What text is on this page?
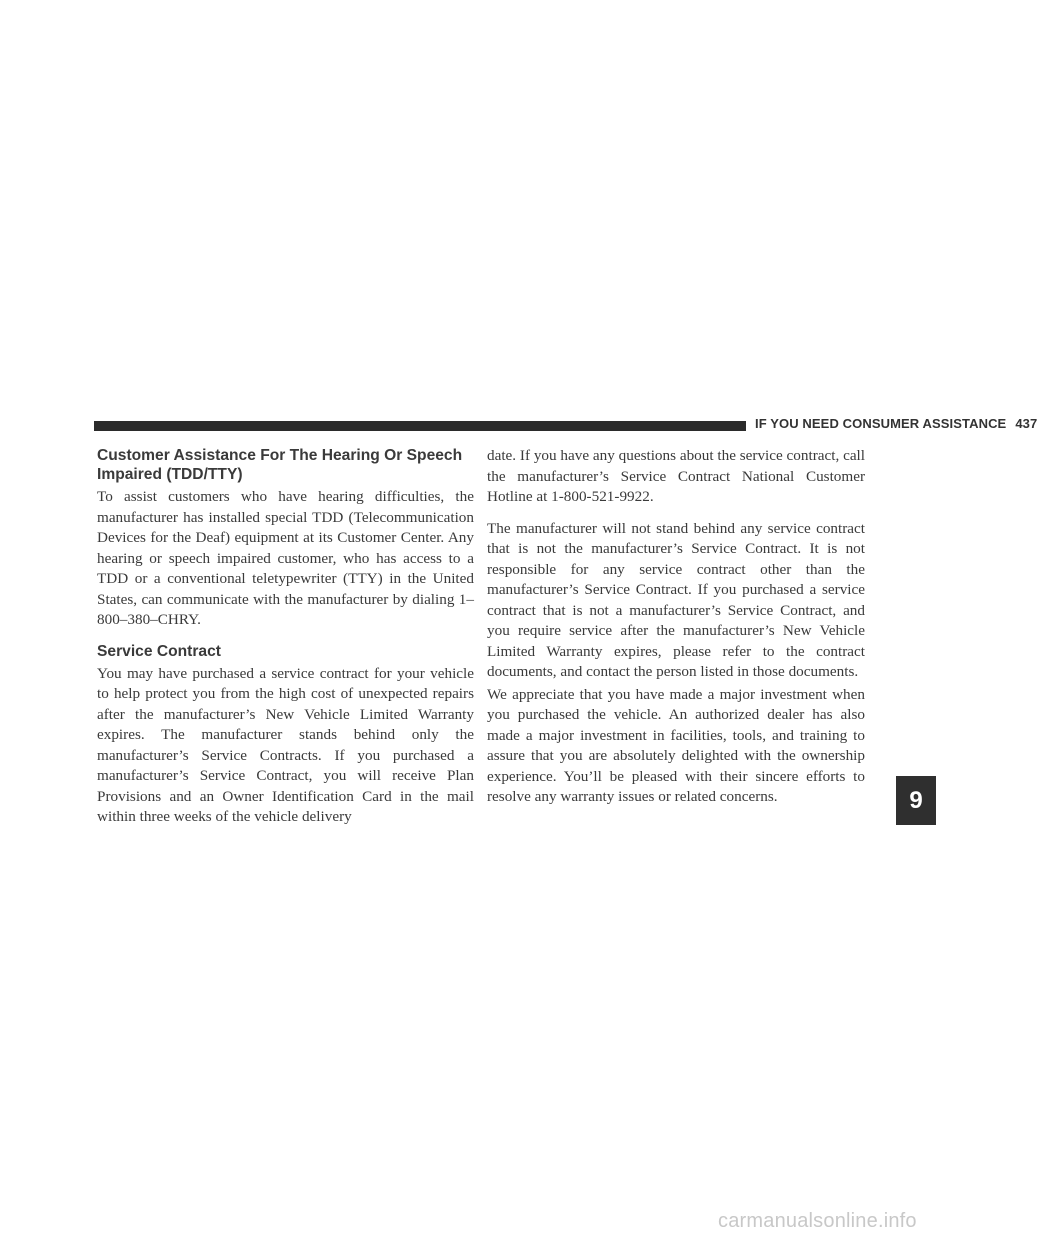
IF YOU NEED CONSUMER ASSISTANCE 437
Customer Assistance For The Hearing Or Speech Impaired (TDD/TTY)

To assist customers who have hearing difficulties, the manufacturer has installed special TDD (Telecommunication Devices for the Deaf) equipment at its Customer Center. Any hearing or speech impaired customer, who has access to a TDD or a conventional teletypewriter (TTY) in the United States, can communicate with the manufacturer by dialing 1–800–380–CHRY.

Service Contract

You may have purchased a service contract for your vehicle to help protect you from the high cost of unexpected repairs after the manufacturer’s New Vehicle Limited Warranty expires. The manufacturer stands behind only the manufacturer’s Service Contracts. If you purchased a manufacturer’s Service Contract, you will receive Plan Provisions and an Owner Identification Card in the mail within three weeks of the vehicle delivery

date. If you have any questions about the service contract, call the manufacturer’s Service Contract National Customer Hotline at 1-800-521-9922.

The manufacturer will not stand behind any service contract that is not the manufacturer’s Service Contract. It is not responsible for any service contract other than the manufacturer’s Service Contract. If you purchased a service contract that is not a manufacturer’s Service Contract, and you require service after the manufacturer’s New Vehicle Limited Warranty expires, please refer to the contract documents, and contact the person listed in those documents.

We appreciate that you have made a major investment when you purchased the vehicle. An authorized dealer has also made a major investment in facilities, tools, and training to assure that you are absolutely delighted with the ownership experience. You’ll be pleased with their sincere efforts to resolve any warranty issues or related concerns.	9
carmanualsonline.info
